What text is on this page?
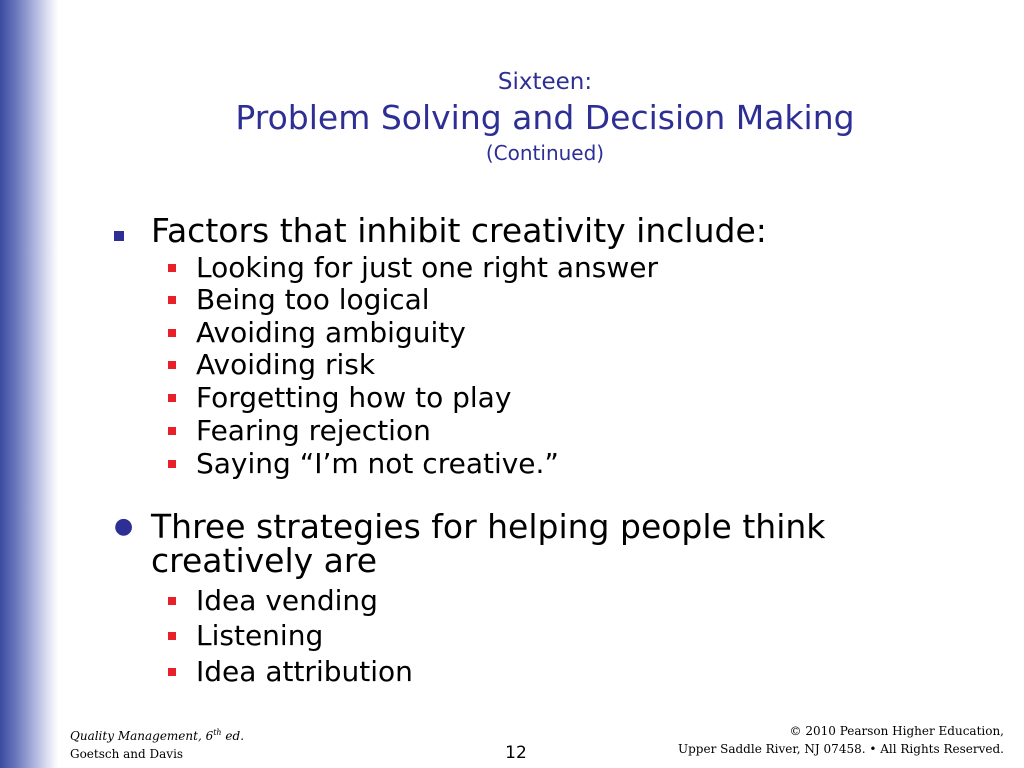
Sixteen:
Problem Solving and Decision Making
(Continued)
Factors that inhibit creativity include:
Looking for just one right answer
Being too logical
Avoiding ambiguity
Avoiding risk
Forgetting how to play
Fearing rejection
Saying “I’m not creative.”
● Three strategies for helping people think
creatively are
Idea vending
Listening
Idea attribution
Quality Management, 6th ed.
Goetsch and Davis	12
© 2010 Pearson Higher Education,
Upper Saddle River, NJ 07458. • All Rights Reserved.
